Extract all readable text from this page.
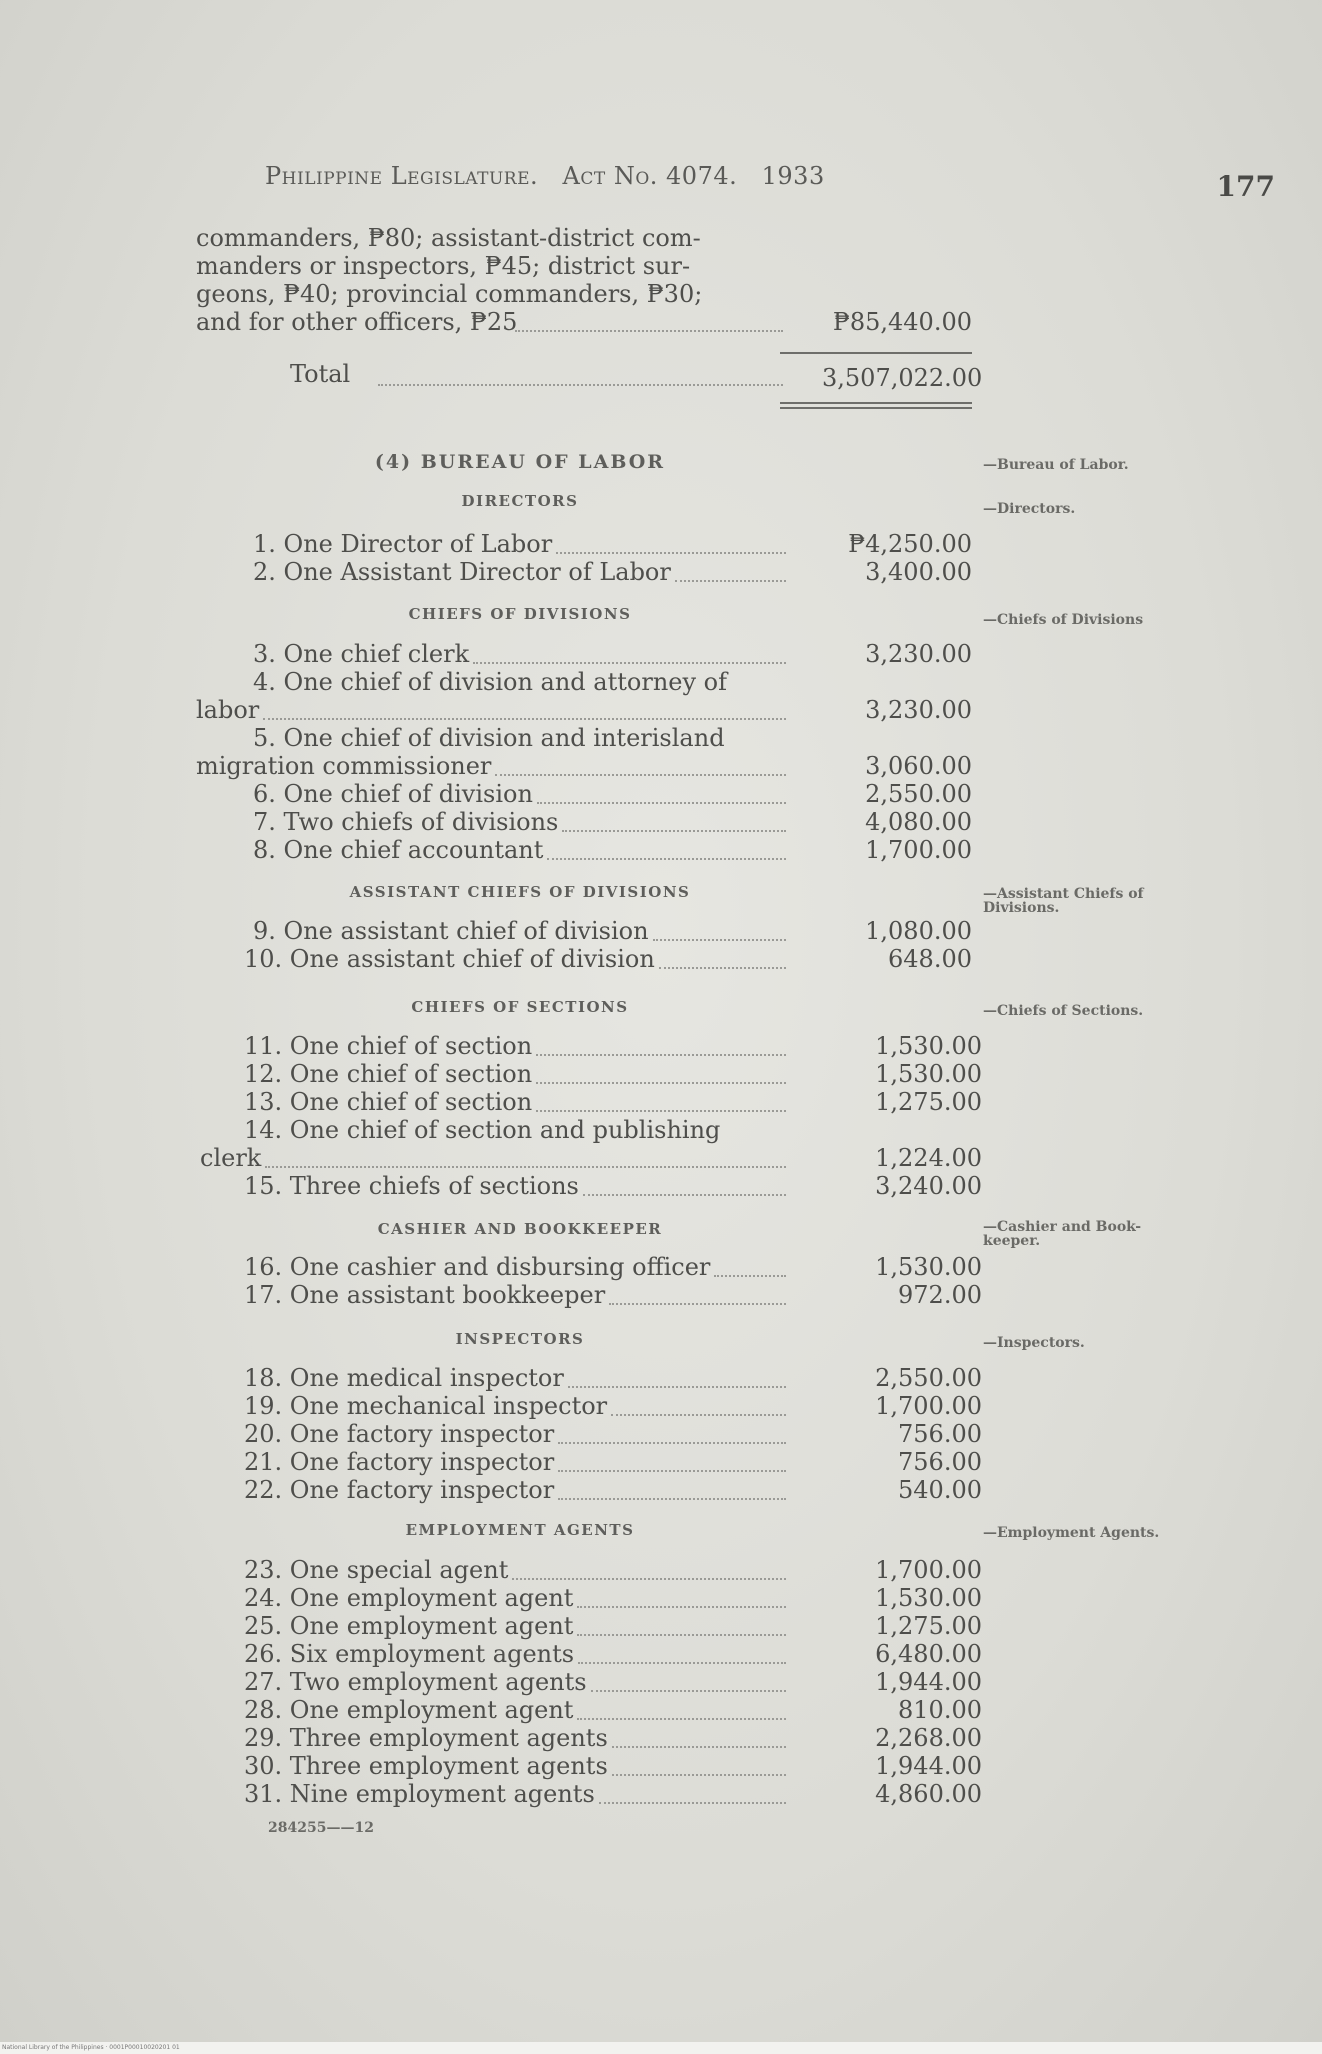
Philippine Legislature. Act No. 4074. 1933	177
commanders, ₱80; assistant-district com-
manders or inspectors, ₱45; district sur-
geons, ₱40; provincial commanders, ₱30;
and for other officers, ₱25	₱85,440.00
Total	3,507,022.00
(4) BUREAU OF LABOR	—Bureau of Labor.
DIRECTORS	—Directors.
CHIEFS OF DIVISIONS	—Chiefs of Divisions
ASSISTANT CHIEFS OF DIVISIONS	—Assistant Chiefs of Divisions.
CHIEFS OF SECTIONS	—Chiefs of Sections.
CASHIER AND BOOKKEEPER	—Cashier and Book-keeper.
INSPECTORS	—Inspectors.
EMPLOYMENT AGENTS	—Employment Agents.
1. One Director of Labor	₱4,250.00
2. One Assistant Director of Labor	3,400.00
3. One chief clerk	3,230.00
4. One chief of division and attorney of
labor	3,230.00
5. One chief of division and interisland
migration commissioner	3,060.00
6. One chief of division	2,550.00
7. Two chiefs of divisions	4,080.00
8. One chief accountant	1,700.00
9. One assistant chief of division	1,080.00
10. One assistant chief of division	648.00
11. One chief of section	1,530.00
12. One chief of section	1,530.00
13. One chief of section	1,275.00
14. One chief of section and publishing
clerk	1,224.00
15. Three chiefs of sections	3,240.00
16. One cashier and disbursing officer	1,530.00
17. One assistant bookkeeper	972.00
18. One medical inspector	2,550.00
19. One mechanical inspector	1,700.00
20. One factory inspector	756.00
21. One factory inspector	756.00
22. One factory inspector	540.00
23. One special agent	1,700.00
24. One employment agent	1,530.00
25. One employment agent	1,275.00
26. Six employment agents	6,480.00
27. Two employment agents	1,944.00
28. One employment agent	810.00
29. Three employment agents	2,268.00
30. Three employment agents	1,944.00
31. Nine employment agents	4,860.00
284255——12
National Library of the Philippines · 0001P00010020201 01
